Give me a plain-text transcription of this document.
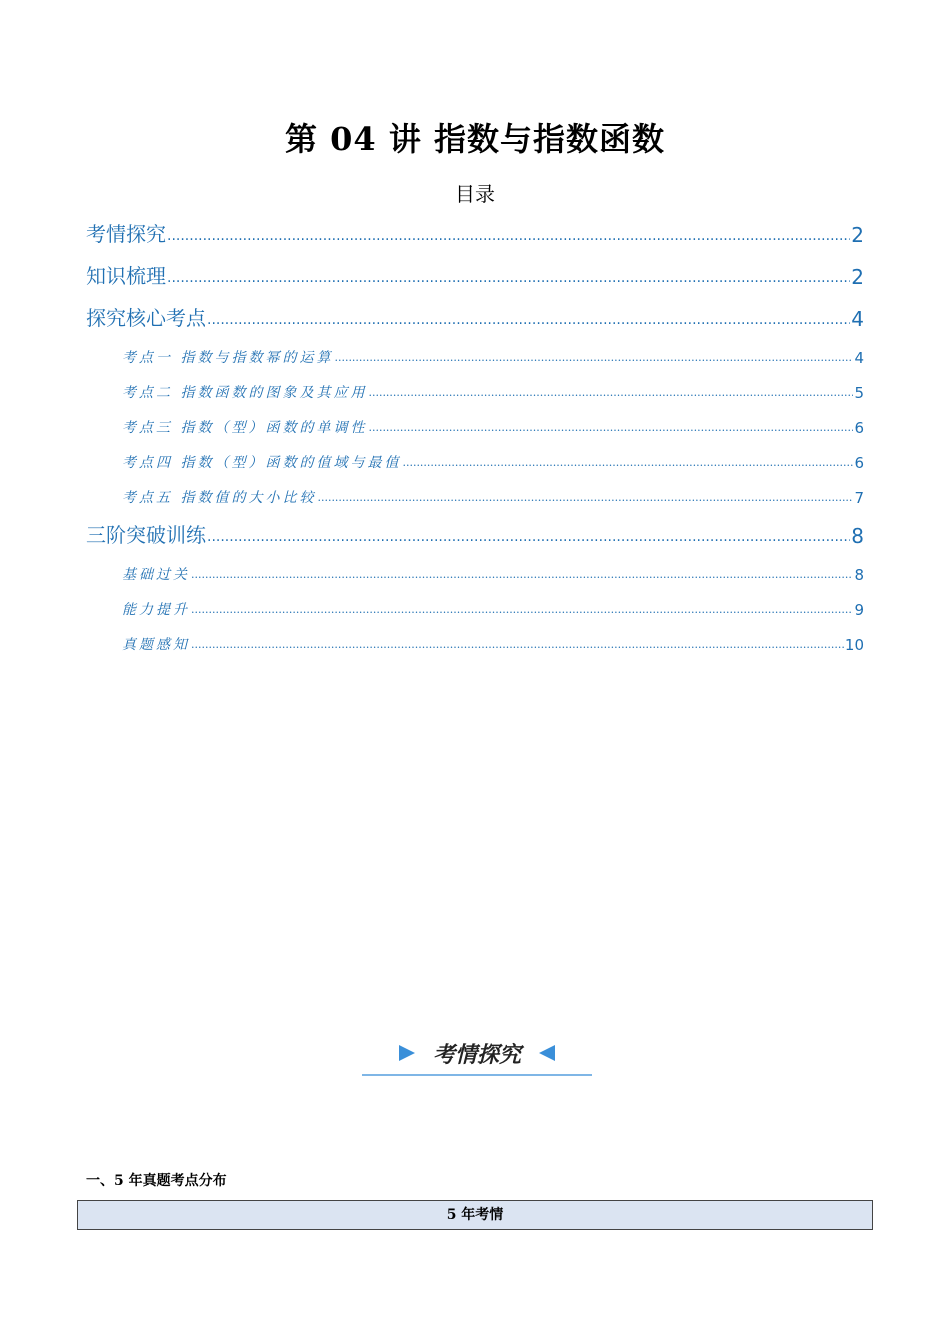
第 04 讲 指数与指数函数
目录
考情探究 .....	2
知识梳理 .....	2
探究核心考点 .....	4
考点一 指数与指数幂的运算 .....	4
考点二 指数函数的图象及其应用 .....	5
考点三 指数（型）函数的单调性 .....	6
考点四 指数（型）函数的值域与最值 .....	6
考点五 指数值的大小比较 .....	7
三阶突破训练 .....	8
基础过关 .....	8
能力提升 .....	9
真题感知 .....	10
考情探究
一、5 年真题考点分布
5 年考情
